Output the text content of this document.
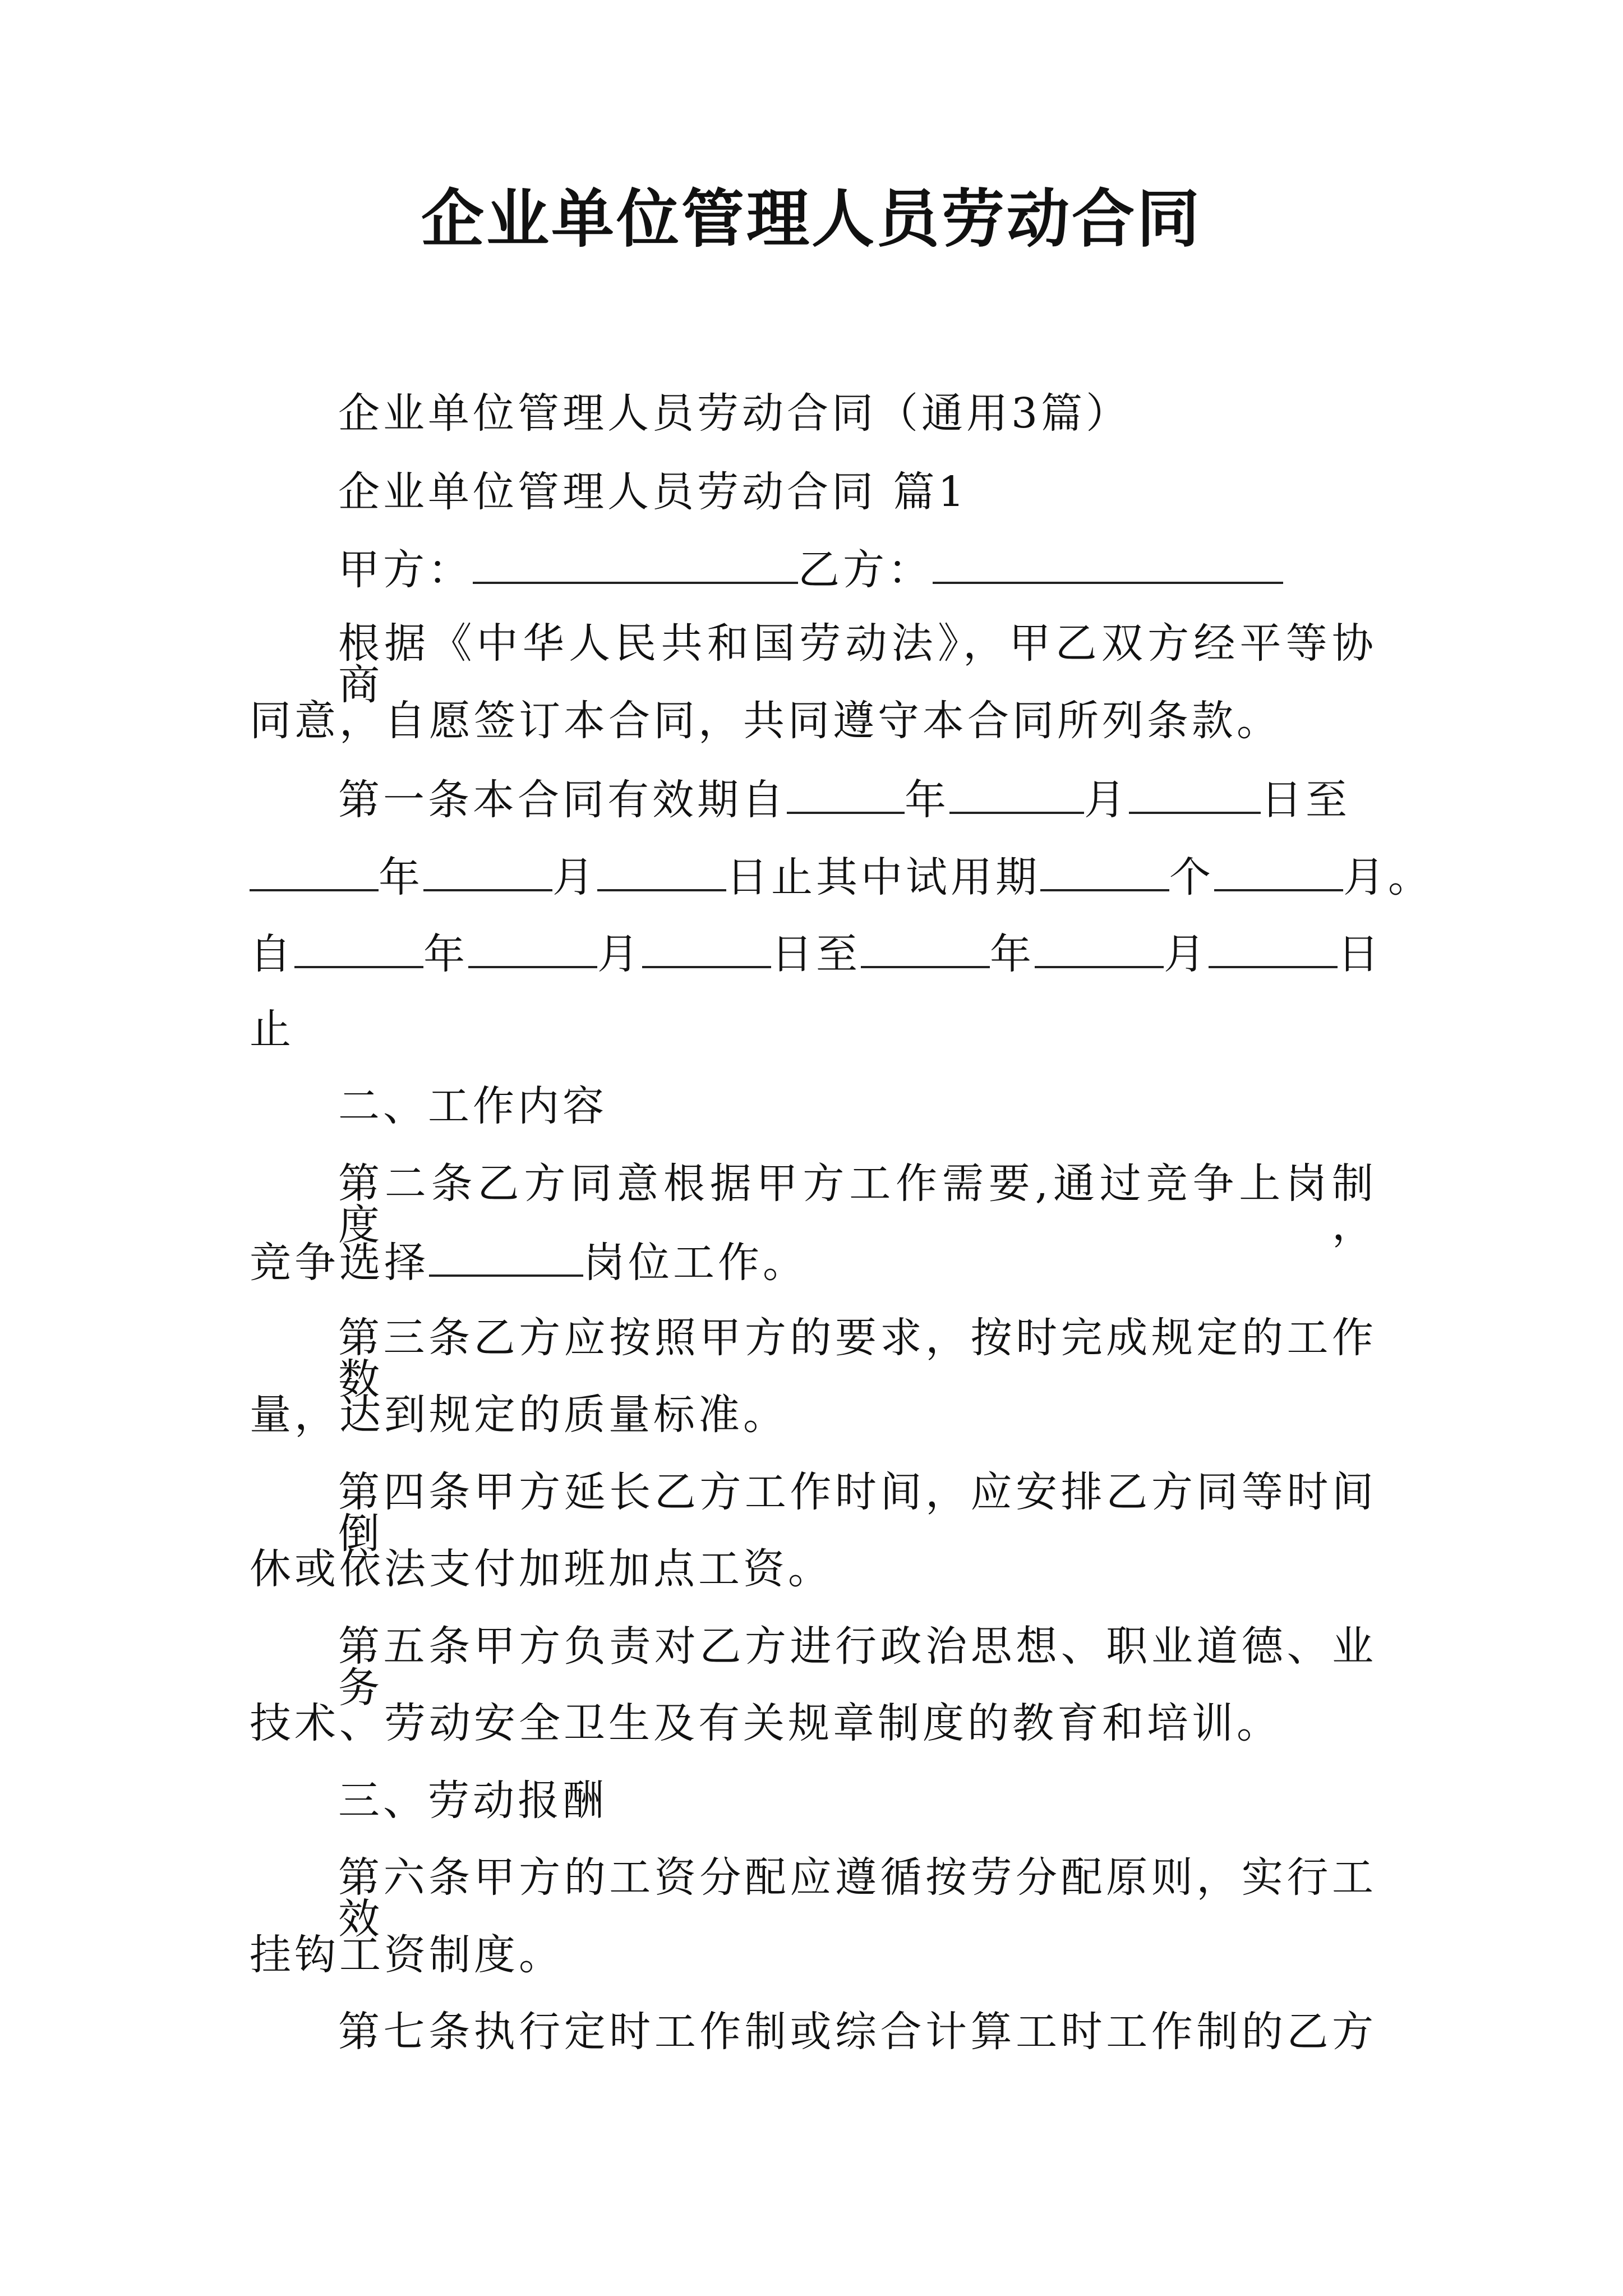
企业单位管理人员劳动合同
企业单位管理人员劳动合同（通用3篇）
企业单位管理人员劳动合同 篇1
甲方：	乙方：
根据《中华人民共和国劳动法》，甲乙双方经平等协商
同意，自愿签订本合同，共同遵守本合同所列条款。
第一条本合同有效期自	年	月	日至
年	月	日止其中试用期	个	月。
自	年	月	日至	年	月	日
止
二、工作内容
第二条乙方同意根据甲方工作需要,通过竞争上岗制度，
竞争选择	岗位工作。
第三条乙方应按照甲方的要求，按时完成规定的工作数
量，达到规定的质量标准。
第四条甲方延长乙方工作时间，应安排乙方同等时间倒
休或依法支付加班加点工资。
第五条甲方负责对乙方进行政治思想、职业道德、业务
技术、劳动安全卫生及有关规章制度的教育和培训。
三、劳动报酬
第六条甲方的工资分配应遵循按劳分配原则，实行工效
挂钩工资制度。
第七条执行定时工作制或综合计算工时工作制的乙方
